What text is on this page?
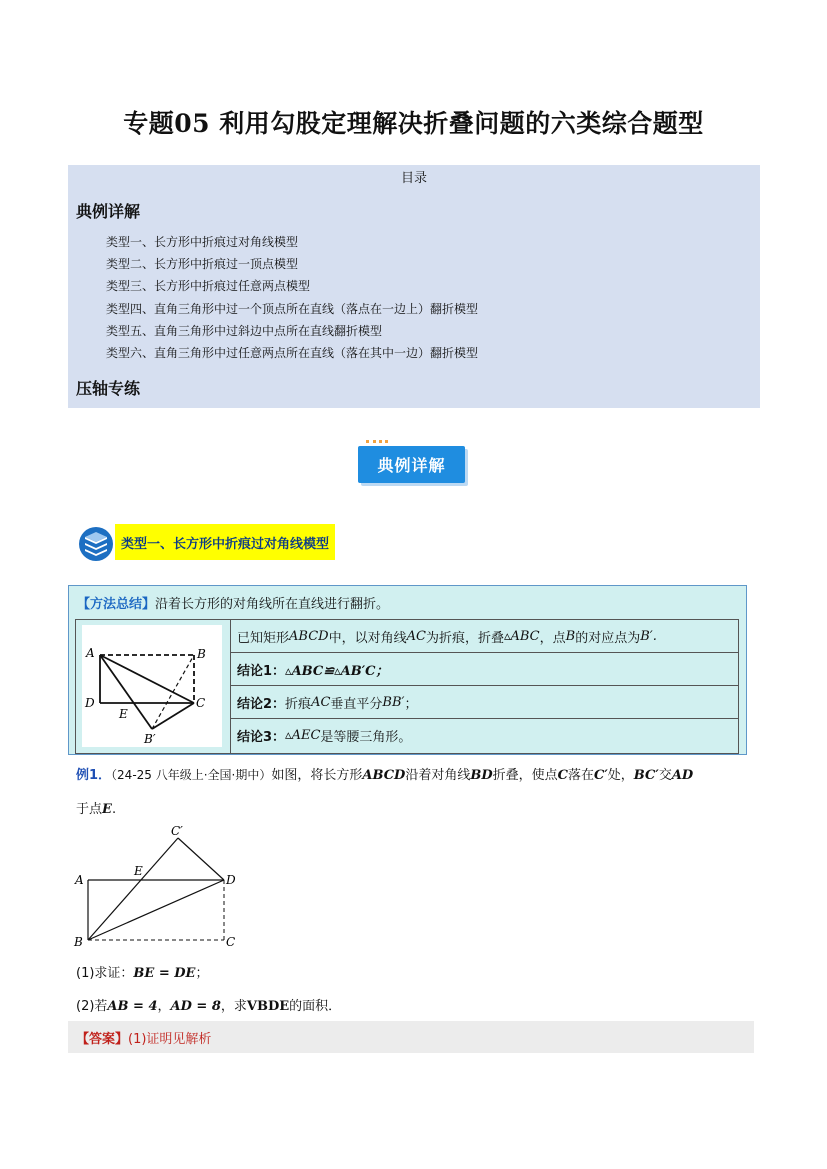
专题05 利用勾股定理解决折叠问题的六类综合题型
目录
典例详解
类型一、长方形中折痕过对角线模型
类型二、长方形中折痕过一顶点模型
类型三、长方形中折痕过任意两点模型
类型四、直角三角形中过一个顶点所在直线（落点在一边上）翻折模型
类型五、直角三角形中过斜边中点所在直线翻折模型
类型六、直角三角形中过任意两点所在直线（落在其中一边）翻折模型
压轴专练
典例详解
类型一、长方形中折痕过对角线模型
【方法总结】沿着长方形的对角线所在直线进行翻折。
A	B
D
E
C
B′
已知矩形 ABCD 中，以对角线 AC 为折痕，折叠 ▵ABC ，点 B 的对应点为 B′.
结论1： ▵ABC≌▵AB′C；
结论2： 折痕 AC 垂直平分 BB′ ；
结论3： ▵AEC 是等腰三角形。
例1．（24-25 八年级上·全国·期中）如图，将长方形ABCD沿着对角线BD折叠，使点C落在C′处，BC′交AD
于点E.
C′
A
E
D
B	C
(1)求证：BE = DE；
(2)若AB = 4，AD = 8，求VBDE的面积．
【答案】 (1)证明见解析
